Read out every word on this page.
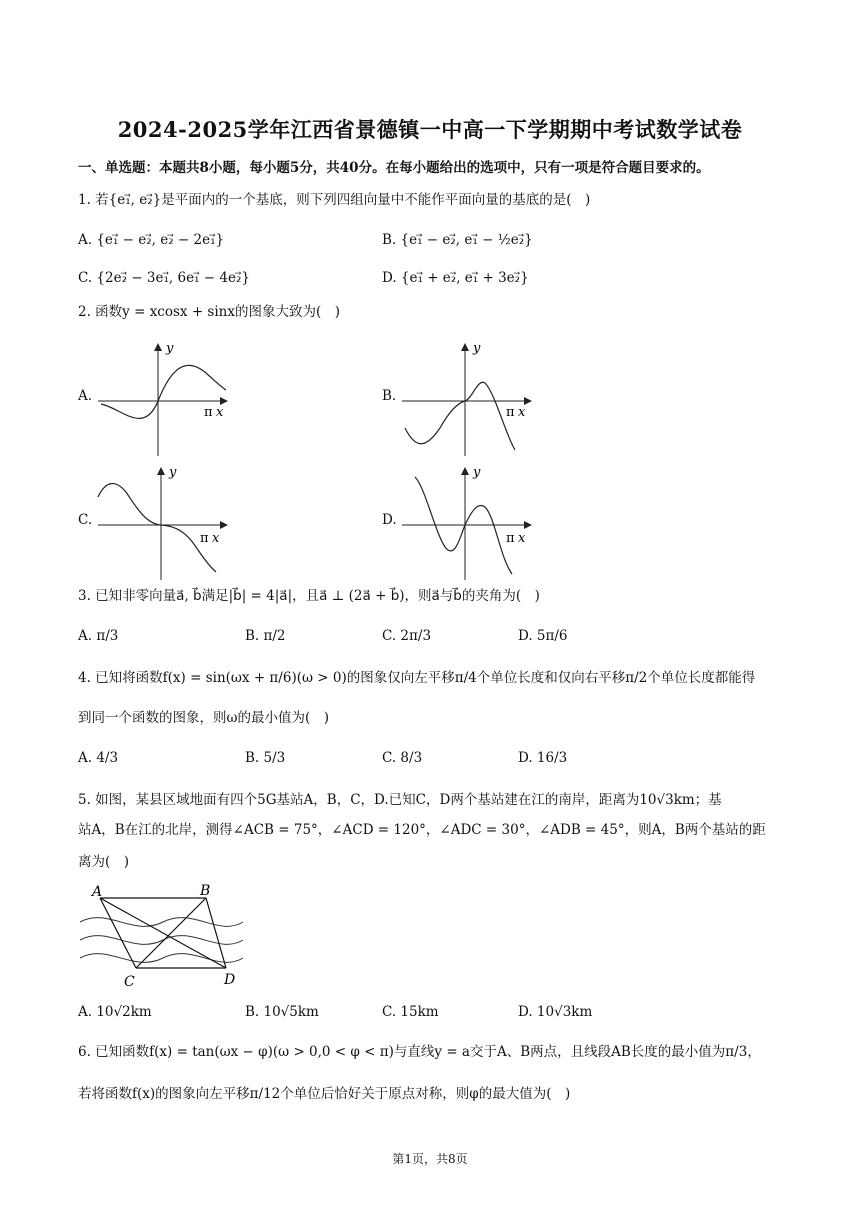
2024-2025学年江西省景德镇一中高一下学期期中考试数学试卷
一、单选题：本题共8小题，每小题5分，共40分。在每小题给出的选项中，只有一项是符合题目要求的。
1. 若{e₁⃗, e₂⃗}是平面内的一个基底，则下列四组向量中不能作平面向量的基底的是(　)
A. {e₁⃗ − e₂⃗, e₂⃗ − 2e₁⃗}	B. {e₁⃗ − e₂⃗, e₁⃗ − ½e₂⃗}
C. {2e₂⃗ − 3e₁⃗, 6e₁⃗ − 4e₂⃗}	D. {e₁⃗ + e₂⃗, e₁⃗ + 3e₂⃗}
2. 函数y = xcosx + sinx的图象大致为(　)
A.
y
π x
B.
y
π x
C.
y
π x
D.
y
π x
3. 已知非零向量a⃗, b⃗满足|b⃗| = 4|a⃗|，且a⃗ ⊥ (2a⃗ + b⃗)，则a⃗与b⃗的夹角为(　)
A. π/3	B. π/2	C. 2π/3	D. 5π/6
4. 已知将函数f(x) = sin(ωx + π/6)(ω > 0)的图象仅向左平移π/4个单位长度和仅向右平移π/2个单位长度都能得
到同一个函数的图象，则ω的最小值为(　)
A. 4/3	B. 5/3	C. 8/3	D. 16/3
5. 如图，某县区域地面有四个5G基站A，B，C，D.已知C，D两个基站建在江的南岸，距离为10√3km；基
站A，B在江的北岸，测得∠ACB = 75°，∠ACD = 120°，∠ADC = 30°，∠ADB = 45°，则A，B两个基站的距
离为(　)
A	B
C	D
A. 10√2km	B. 10√5km	C. 15km	D. 10√3km
6. 已知函数f(x) = tan(ωx − φ)(ω > 0,0 < φ < π)与直线y = a交于A、B两点，且线段AB长度的最小值为π/3，
若将函数f(x)的图象向左平移π/12个单位后恰好关于原点对称，则φ的最大值为(　)
第1页，共8页
